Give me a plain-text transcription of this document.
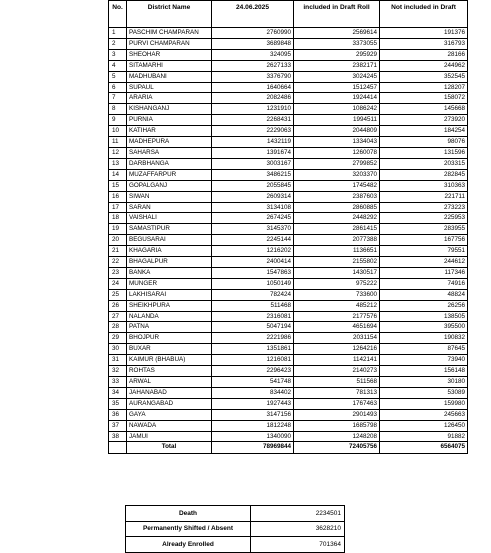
No.	District Name	24.06.2025	included in Draft Roll	Not included in Draft
1	PASCHIM CHAMPARAN	2760990	2569614	191376
2	PURVI CHAMPARAN	3689848	3373055	316793
3	SHEOHAR	324095	295929	28166
4	SITAMARHI	2627133	2382171	244962
5	MADHUBANI	3376790	3024245	352545
6	SUPAUL	1640664	1512457	128207
7	ARARIA	2082486	1924414	158072
8	KISHANGANJ	1231910	1086242	145668
9	PURNIA	2268431	1994511	273920
10	KATIHAR	2229063	2044809	184254
11	MADHEPURA	1432119	1334043	98076
12	SAHARSA	1391674	1260078	131596
13	DARBHANGA	3003167	2799852	203315
14	MUZAFFARPUR	3486215	3203370	282845
15	GOPALGANJ	2055845	1745482	310363
16	SIWAN	2609314	2387603	221711
17	SARAN	3134108	2860885	273223
18	VAISHALI	2674245	2448292	225953
19	SAMASTIPUR	3145370	2861415	283955
20	BEGUSARAI	2245144	2077388	167756
21	KHAGARIA	1216202	1136651	79551
22	BHAGALPUR	2400414	2155802	244612
23	BANKA	1547863	1430517	117346
24	MUNGER	1050149	975222	74916
25	LAKHISARAI	782424	733600	48824
26	SHEIKHPURA	511468	485212	26256
27	NALANDA	2316081	2177576	138505
28	PATNA	5047194	4651694	395500
29	BHOJPUR	2221986	2031154	190832
30	BUXAR	1351861	1264216	87645
31	KAIMUR (BHABUA)	1216081	1142141	73940
32	ROHTAS	2296423	2140273	156148
33	ARWAL	541748	511568	30180
34	JAHANABAD	834402	781313	53089
35	AURANGABAD	1927443	1767463	159980
36	GAYA	3147156	2901493	245663
37	NAWADA	1812248	1685798	126450
38	JAMUI	1340090	1248208	91882
	Total	78969844	72405756	6564075
Death	2234501
Permanently Shifted / Absent	3628210
Already Enrolled	701364
